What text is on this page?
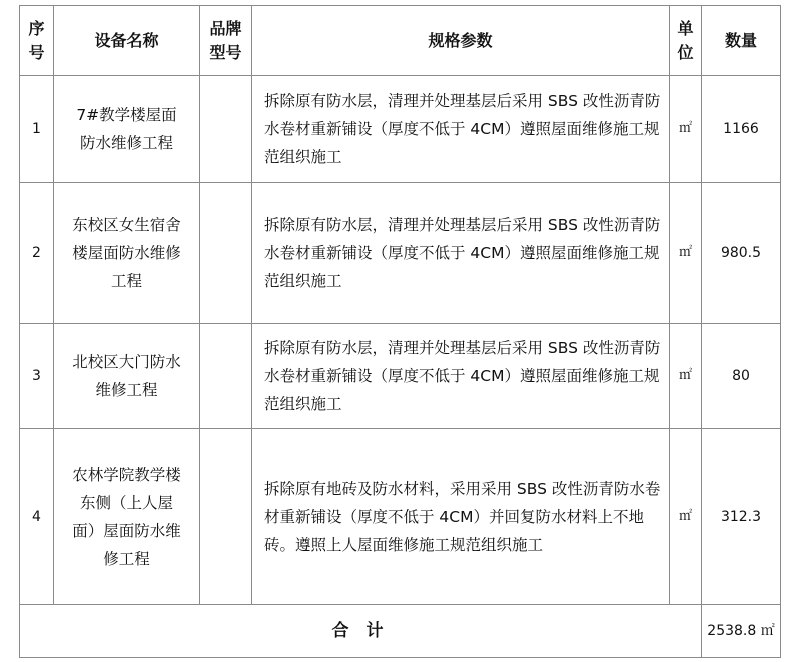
序号	设备名称	品牌型号	规格参数	单位	数量
1	7#教学楼屋面防水维修工程		拆除原有防水层，清理并处理基层后采用 SBS 改性沥青防水卷材重新铺设（厚度不低于 4CM）遵照屋面维修施工规范组织施工	㎡	1166
2	东校区女生宿舍楼屋面防水维修工程		拆除原有防水层，清理并处理基层后采用 SBS 改性沥青防水卷材重新铺设（厚度不低于 4CM）遵照屋面维修施工规范组织施工	㎡	980.5
3	北校区大门防水维修工程		拆除原有防水层，清理并处理基层后采用 SBS 改性沥青防水卷材重新铺设（厚度不低于 4CM）遵照屋面维修施工规范组织施工	㎡	80
4	农林学院教学楼东侧（上人屋面）屋面防水维修工程		拆除原有地砖及防水材料，采用采用 SBS 改性沥青防水卷材重新铺设（厚度不低于 4CM）并回复防水材料上不地砖。遵照上人屋面维修施工规范组织施工	㎡	312.3
合 计					2538.8 ㎡
